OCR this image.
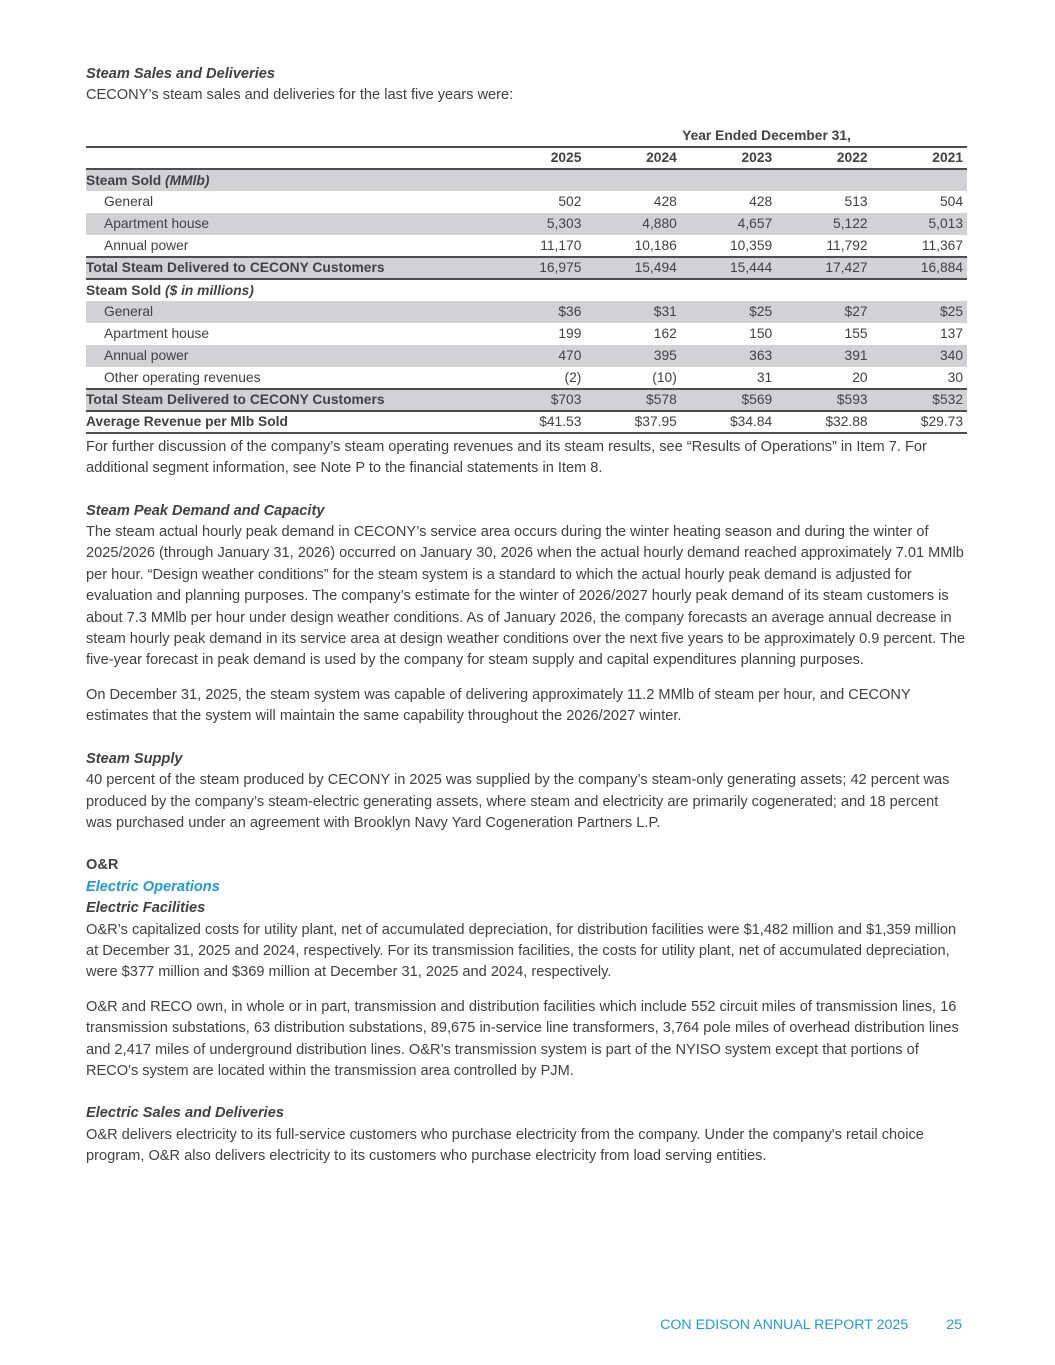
Steam Sales and Deliveries

CECONY’s steam sales and deliveries for the last five years were:

	Year Ended December 31,				
	2025	2024	2023	2022	2021
Steam Sold (MMlb)					
General	502	428	428	513	504
Apartment house	5,303	4,880	4,657	5,122	5,013
Annual power	11,170	10,186	10,359	11,792	11,367
Total Steam Delivered to CECONY Customers	16,975	15,494	15,444	17,427	16,884
Steam Sold ($ in millions)					
General	$36	$31	$25	$27	$25
Apartment house	199	162	150	155	137
Annual power	470	395	363	391	340
Other operating revenues	(2)	(10)	31	20	30
Total Steam Delivered to CECONY Customers	$703	$578	$569	$593	$532
Average Revenue per Mlb Sold	$41.53	$37.95	$34.84	$32.88	$29.73

For further discussion of the company’s steam operating revenues and its steam results, see “Results of Operations” in Item 7. For additional segment information, see Note P to the financial statements in Item 8.

Steam Peak Demand and Capacity

The steam actual hourly peak demand in CECONY’s service area occurs during the winter heating season and during the winter of 2025/2026 (through January 31, 2026) occurred on January 30, 2026 when the actual hourly demand reached approximately 7.01 MMlb per hour. “Design weather conditions” for the steam system is a standard to which the actual hourly peak demand is adjusted for evaluation and planning purposes. The company’s estimate for the winter of 2026/2027 hourly peak demand of its steam customers is about 7.3 MMlb per hour under design weather conditions. As of January 2026, the company forecasts an average annual decrease in steam hourly peak demand in its service area at design weather conditions over the next five years to be approximately 0.9 percent. The five-year forecast in peak demand is used by the company for steam supply and capital expenditures planning purposes.

On December 31, 2025, the steam system was capable of delivering approximately 11.2 MMlb of steam per hour, and CECONY estimates that the system will maintain the same capability throughout the 2026/2027 winter.

Steam Supply

40 percent of the steam produced by CECONY in 2025 was supplied by the company’s steam-only generating assets; 42 percent was produced by the company’s steam-electric generating assets, where steam and electricity are primarily cogenerated; and 18 percent was purchased under an agreement with Brooklyn Navy Yard Cogeneration Partners L.P.

O&R
Electric Operations
Electric Facilities

O&R’s capitalized costs for utility plant, net of accumulated depreciation, for distribution facilities were $1,482 million and $1,359 million at December 31, 2025 and 2024, respectively. For its transmission facilities, the costs for utility plant, net of accumulated depreciation, were $377 million and $369 million at December 31, 2025 and 2024, respectively.

O&R and RECO own, in whole or in part, transmission and distribution facilities which include 552 circuit miles of transmission lines, 16 transmission substations, 63 distribution substations, 89,675 in-service line transformers, 3,764 pole miles of overhead distribution lines and 2,417 miles of underground distribution lines. O&R’s transmission system is part of the NYISO system except that portions of RECO's system are located within the transmission area controlled by PJM.

Electric Sales and Deliveries

O&R delivers electricity to its full-service customers who purchase electricity from the company. Under the company's retail choice program, O&R also delivers electricity to its customers who purchase electricity from load serving entities.

CON EDISON ANNUAL REPORT 2025	25
